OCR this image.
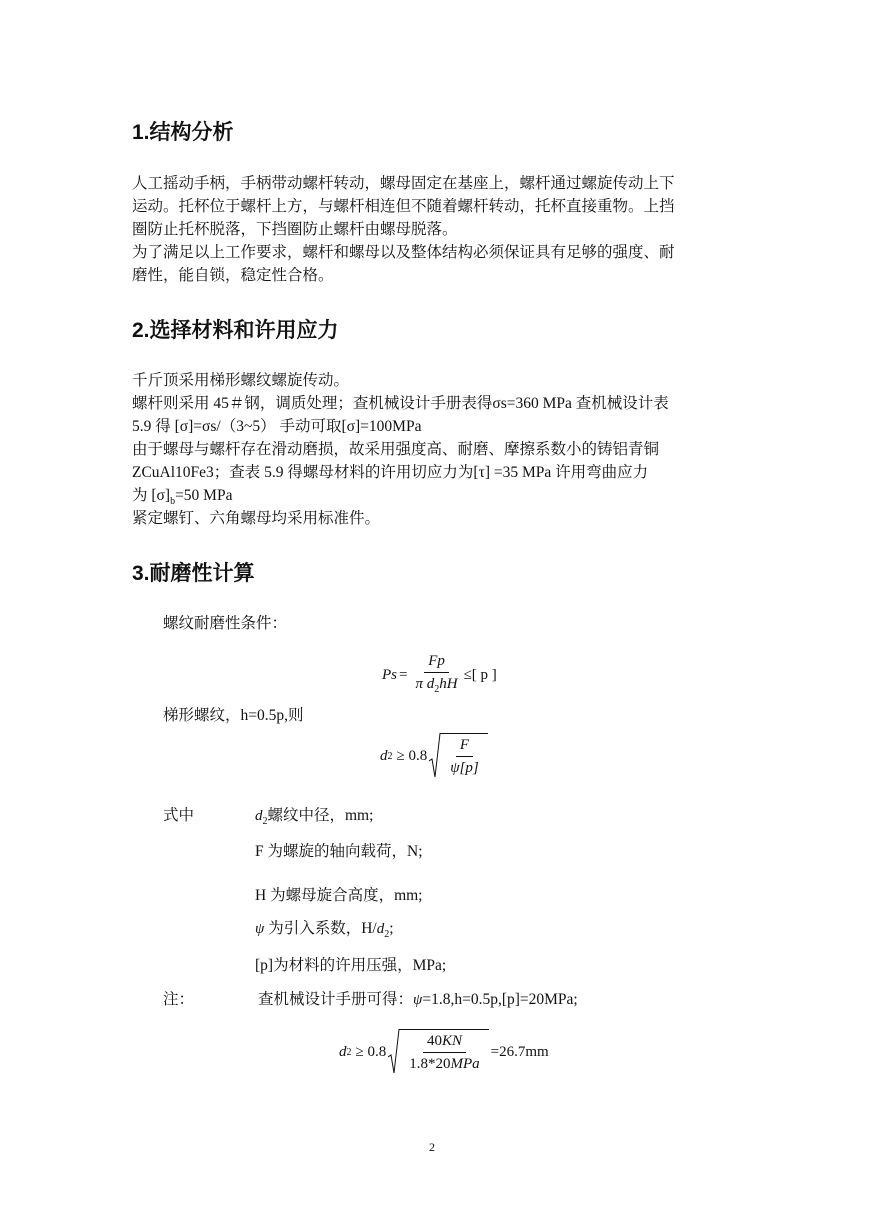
1.结构分析
人工摇动手柄，手柄带动螺杆转动，螺母固定在基座上，螺杆通过螺旋传动上下
运动。托杯位于螺杆上方，与螺杆相连但不随着螺杆转动，托杯直接重物。上挡
圈防止托杯脱落，下挡圈防止螺杆由螺母脱落。
为了满足以上工作要求，螺杆和螺母以及整体结构必须保证具有足够的强度、耐
磨性，能自锁，稳定性合格。
2.选择材料和许用应力
千斤顶采用梯形螺纹螺旋传动。
螺杆则采用 45＃钢，调质处理；查机械设计手册表得σs=360 MPa 查机械设计表
5.9 得 [σ]=σs/（3~5） 手动可取[σ]=100MPa
由于螺母与螺杆存在滑动磨损，故采用强度高、耐磨、摩擦系数小的铸铝青铜
ZCuAl10Fe3；查表 5.9 得螺母材料的许用切应力为[τ] =35 MPa 许用弯曲应力
为 $[\sigma]_b=50$ MPa
紧定螺钉、六角螺母均采用标准件。
3.耐磨性计算
螺纹耐磨性条件：
$Ps = \frac{Fp}{\pi d_2hH}$ ≤[ p ]
梯形螺纹，h=0.5p,则
d $2 \ge 0.8 \frac{F}{\psi[p]}$
式中	$d_2$螺纹中径，mm;
F 为螺旋的轴向载荷，N;
H 为螺母旋合高度，mm;
ψ 为引入系数，$H/d_2$;
[p]为材料的许用压强，MPa;
注：	查机械设计手册可得：ψ=1.8,h=0.5p,[p]=20MPa;
d $2 \ge 0.8 \frac{40KN}{\text{1.8*20MPa}} =26.7mm$
2
